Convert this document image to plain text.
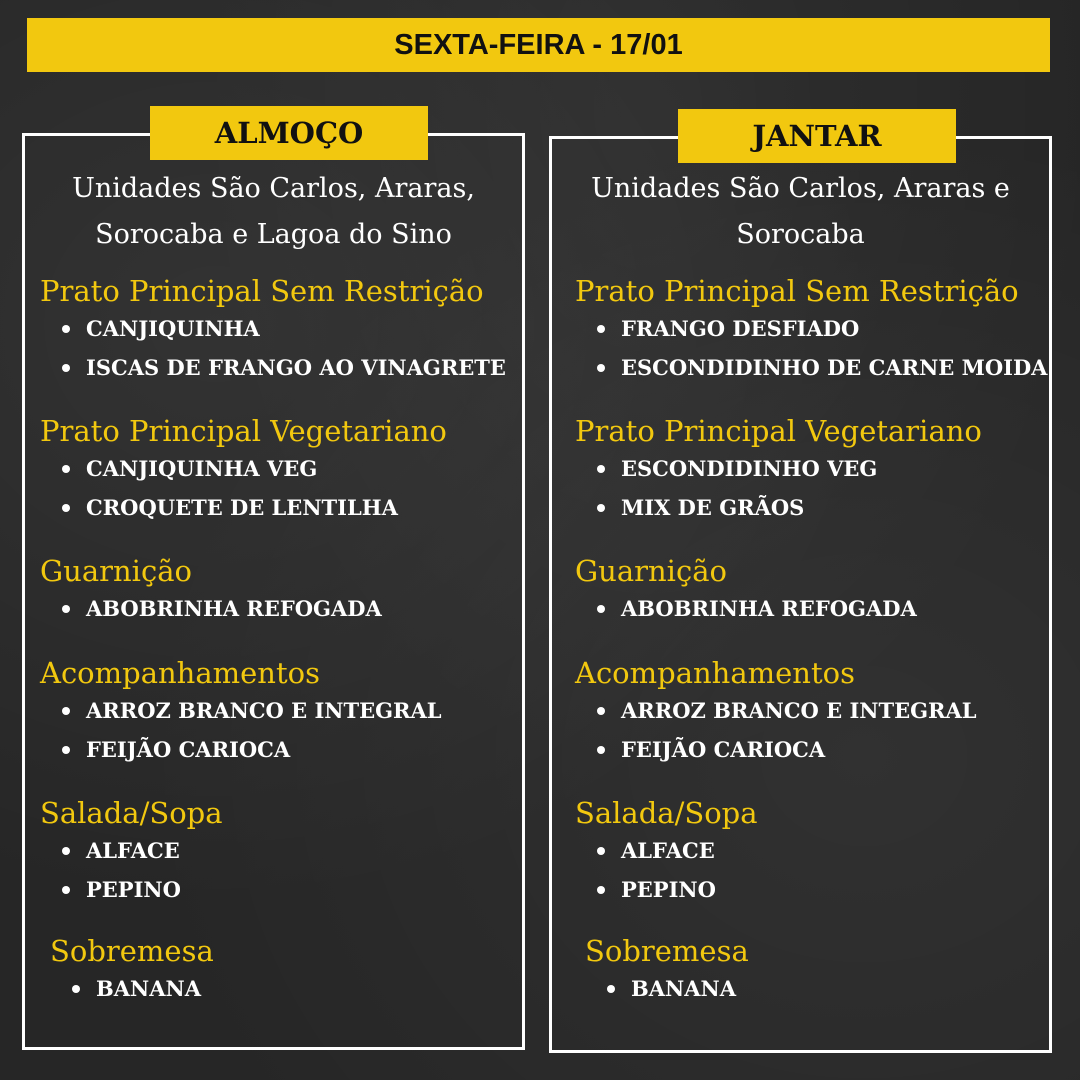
SEXTA-FEIRA - 17/01
ALMOÇO
Unidades São Carlos, Araras,
Sorocaba e Lagoa do Sino
Prato Principal Sem Restrição
CANJIQUINHA
ISCAS DE FRANGO AO VINAGRETE
Prato Principal Vegetariano
CANJIQUINHA VEG
CROQUETE DE LENTILHA
Guarnição
ABOBRINHA REFOGADA
Acompanhamentos
ARROZ BRANCO E INTEGRAL
FEIJÃO CARIOCA
Salada/Sopa
ALFACE
PEPINO
Sobremesa
BANANA
JANTAR
Unidades São Carlos, Araras e
Sorocaba
Prato Principal Sem Restrição
FRANGO DESFIADO
ESCONDIDINHO DE CARNE MOIDA
Prato Principal Vegetariano
ESCONDIDINHO VEG
MIX DE GRÃOS
Guarnição
ABOBRINHA REFOGADA
Acompanhamentos
ARROZ BRANCO E INTEGRAL
FEIJÃO CARIOCA
Salada/Sopa
ALFACE
PEPINO
Sobremesa
BANANA
